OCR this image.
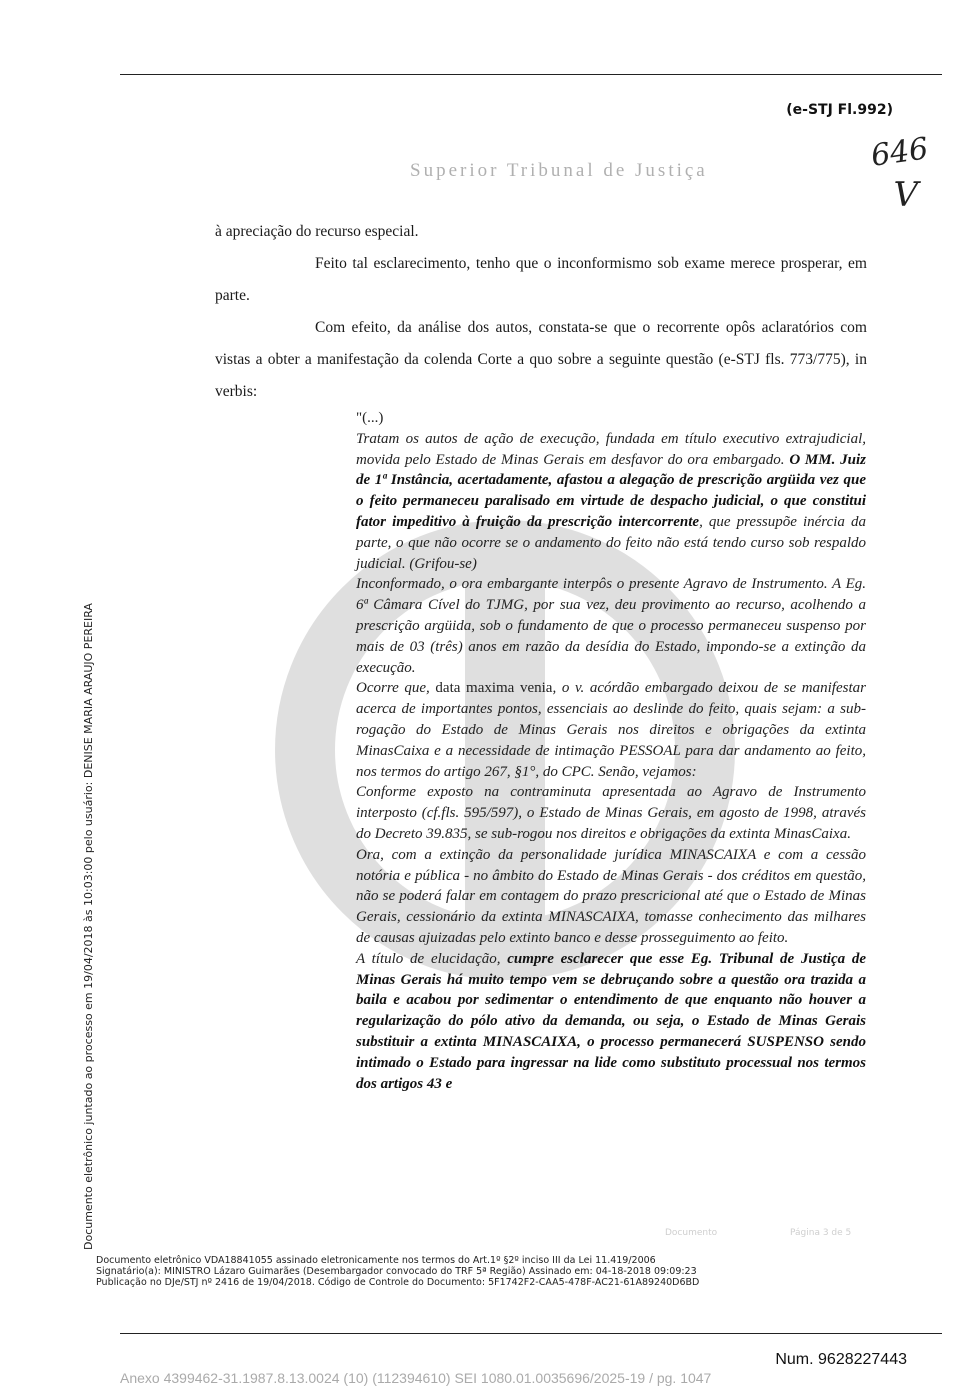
(e-STJ Fl.992)
Superior Tribunal de Justiça	646
V

à apreciação do recurso especial.

Feito tal esclarecimento, tenho que o inconformismo sob exame merece prosperar, em parte.

Com efeito, da análise dos autos, constata-se que o recorrente opôs aclaratórios com vistas a obter a manifestação da colenda Corte a quo sobre a seguinte questão (e-STJ fls. 773/775), in verbis:

"(...)

Tratam os autos de ação de execução, fundada em título executivo extrajudicial, movida pelo Estado de Minas Gerais em desfavor do ora embargado. O MM. Juiz de 1ª Instância, acertadamente, afastou a alegação de prescrição argüida vez que o feito permaneceu paralisado em virtude de despacho judicial, o que constitui fator impeditivo à fruição da prescrição intercorrente, que pressupõe inércia da parte, o que não ocorre se o andamento do feito não está tendo curso sob respaldo judicial. (Grifou-se)

Inconformado, o ora embargante interpôs o presente Agravo de Instrumento. A Eg. 6ª Câmara Cível do TJMG, por sua vez, deu provimento ao recurso, acolhendo a prescrição argüida, sob o fundamento de que o processo permaneceu suspenso por mais de 03 (três) anos em razão da desídia do Estado, impondo-se a extinção da execução.

Ocorre que, data maxima venia, o v. acórdão embargado deixou de se manifestar acerca de importantes pontos, essenciais ao deslinde do feito, quais sejam: a sub-rogação do Estado de Minas Gerais nos direitos e obrigações da extinta MinasCaixa e a necessidade de intimação PESSOAL para dar andamento ao feito, nos termos do artigo 267, §1°, do CPC. Senão, vejamos:

Conforme exposto na contraminuta apresentada ao Agravo de Instrumento interposto (cf.fls. 595/597), o Estado de Minas Gerais, em agosto de 1998, através do Decreto 39.835, se sub-rogou nos direitos e obrigações da extinta MinasCaixa.

Ora, com a extinção da personalidade jurídica MINASCAIXA e com a cessão notória e pública - no âmbito do Estado de Minas Gerais - dos créditos em questão, não se poderá falar em contagem do prazo prescricional até que o Estado de Minas Gerais, cessionário da extinta MINASCAIXA, tomasse conhecimento das milhares de causas ajuizadas pelo extinto banco e desse prosseguimento ao feito.

A título de elucidação, cumpre esclarecer que esse Eg. Tribunal de Justiça de Minas Gerais há muito tempo vem se debruçando sobre a questão ora trazida a baila e acabou por sedimentar o entendimento de que enquanto não houver a regularização do pólo ativo da demanda, ou seja, o Estado de Minas Gerais substituir a extinta MINASCAIXA, o processo permanecerá SUSPENSO sendo intimado o Estado para ingressar na lide como substituto processual nos termos dos artigos 43 e

Documento	Página 3 de 5
Documento eletrônico juntado ao processo em 19/04/2018 às 10:03:00 pelo usuário: DENISE MARIA ARAUJO PEREIRA
Documento eletrônico VDA18841055 assinado eletronicamente nos termos do Art.1º §2º inciso III da Lei 11.419/2006
Signatário(a): MINISTRO Lázaro Guimarães (Desembargador convocado do TRF 5ª Região) Assinado em: 04-18-2018 09:09:23
Publicação no DJe/STJ nº 2416 de 19/04/2018. Código de Controle do Documento: 5F1742F2-CAA5-478F-AC21-61A89240D6BD
Num. 9628227443
Anexo 4399462-31.1987.8.13.0024 (10) (112394610) SEI 1080.01.0035696/2025-19 / pg. 1047
